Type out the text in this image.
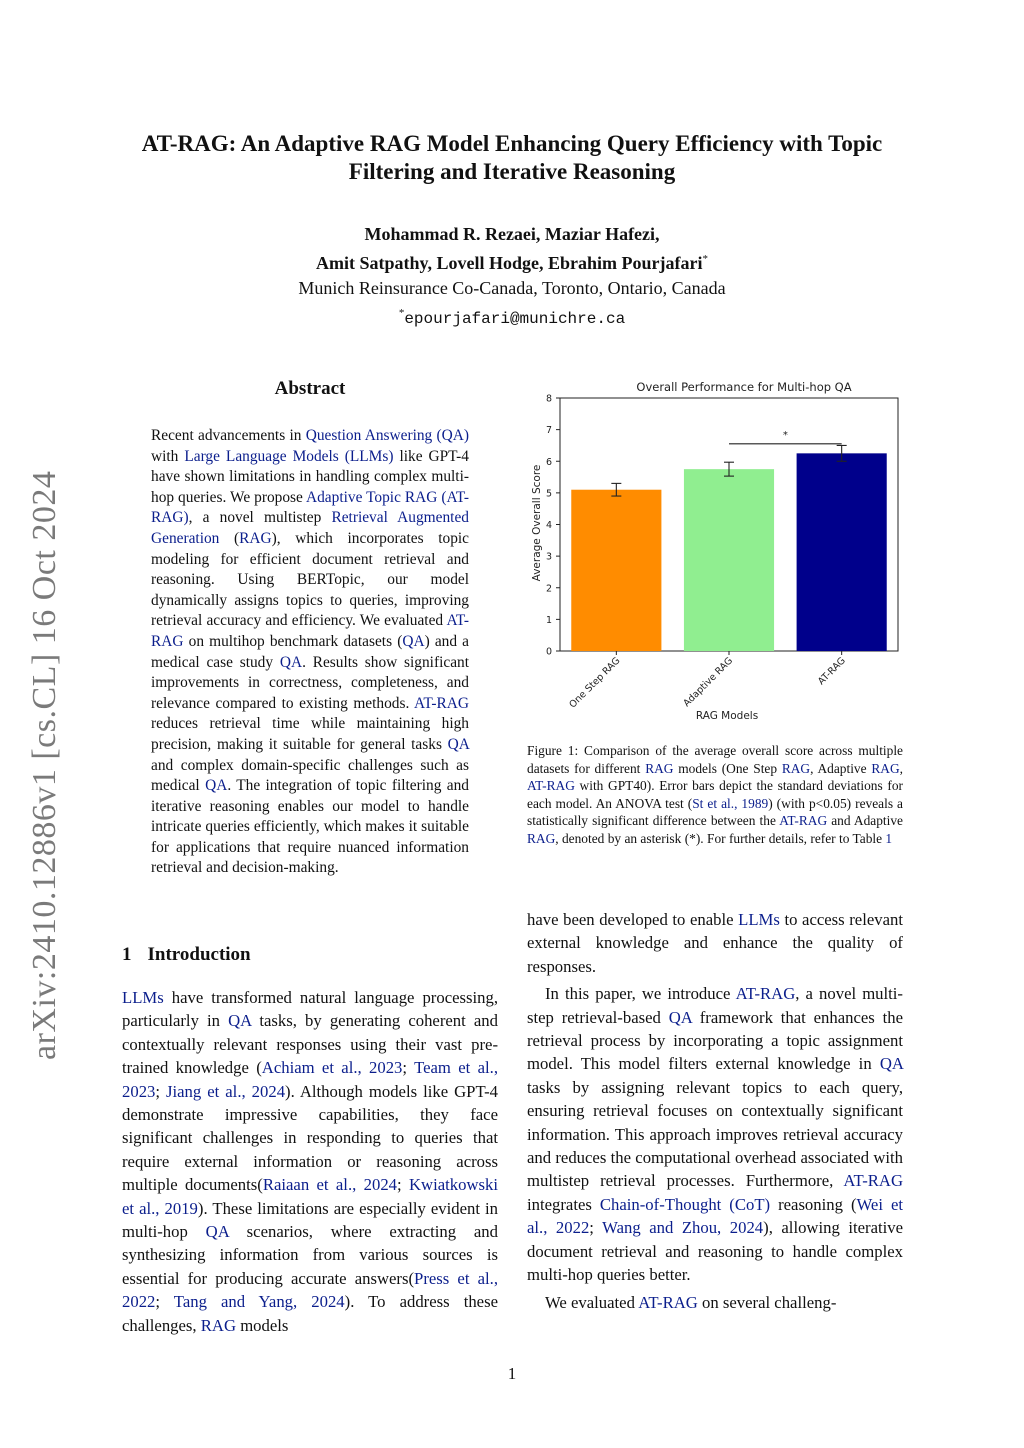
AT-RAG: An Adaptive RAG Model Enhancing Query Efficiency with Topic
Filtering and Iterative Reasoning
Mohammad R. Rezaei, Maziar Hafezi,
Amit Satpathy, Lovell Hodge, Ebrahim Pourjafari*
Munich Reinsurance Co-Canada, Toronto, Ontario, Canada
*epourjafari@munichre.ca
arXiv:2410.12886v1 [cs.CL] 16 Oct 2024
Abstract
Recent advancements in Question Answering (QA) with Large Language Models (LLMs) like GPT-4 have shown limitations in handling complex multi-hop queries. We propose Adaptive Topic RAG (AT-RAG), a novel multistep Retrieval Augmented Generation (RAG), which incorporates topic modeling for efficient document retrieval and reasoning. Using BERTopic, our model dynamically assigns topics to queries, improving retrieval accuracy and efficiency. We evaluated AT-RAG on multihop benchmark datasets (QA) and a medical case study QA. Results show significant improvements in correctness, completeness, and relevance compared to existing methods. AT-RAG reduces retrieval time while maintaining high precision, making it suitable for general tasks QA and complex domain-specific challenges such as medical QA. The integration of topic filtering and iterative reasoning enables our model to handle intricate queries efficiently, which makes it suitable for applications that require nuanced information retrieval and decision-making.
1 Introduction
LLMs have transformed natural language processing, particularly in QA tasks, by generating coherent and contextually relevant responses using their vast pre-trained knowledge (Achiam et al., 2023; Team et al., 2023; Jiang et al., 2024). Although models like GPT-4 demonstrate impressive capabilities, they face significant challenges in responding to queries that require external information or reasoning across multiple documents(Raiaan et al., 2024; Kwiatkowski et al., 2019). These limitations are especially evident in multi-hop QA scenarios, where extracting and synthesizing information from various sources is essential for producing accurate answers(Press et al., 2022; Tang and Yang, 2024). To address these challenges, RAG models
Overall Performance for Multi-hop QA
0
1
2
3
4
5
6
7
8
One Step RAG	Adaptive RAG	AT-RAG
*
RAG Models
Average Overall Score
Figure 1: Comparison of the average overall score across multiple datasets for different RAG models (One Step RAG, Adaptive RAG, AT-RAG with GPT40). Error bars depict the standard deviations for each model. An ANOVA test (St et al., 1989) (with p<0.05) reveals a statistically significant difference between the AT-RAG and Adaptive RAG, denoted by an asterisk (*). For further details, refer to Table 1

have been developed to enable LLMs to access relevant external knowledge and enhance the quality of responses.

In this paper, we introduce AT-RAG, a novel multi-step retrieval-based QA framework that enhances the retrieval process by incorporating a topic assignment model. This model filters external knowledge in QA tasks by assigning relevant topics to each query, ensuring retrieval focuses on contextually significant information. This approach improves retrieval accuracy and reduces the computational overhead associated with multistep retrieval processes. Furthermore, AT-RAG integrates Chain-of-Thought (CoT) reasoning (Wei et al., 2022; Wang and Zhou, 2024), allowing iterative document retrieval and reasoning to handle complex multi-hop queries better.

We evaluated AT-RAG on several challeng-

1
